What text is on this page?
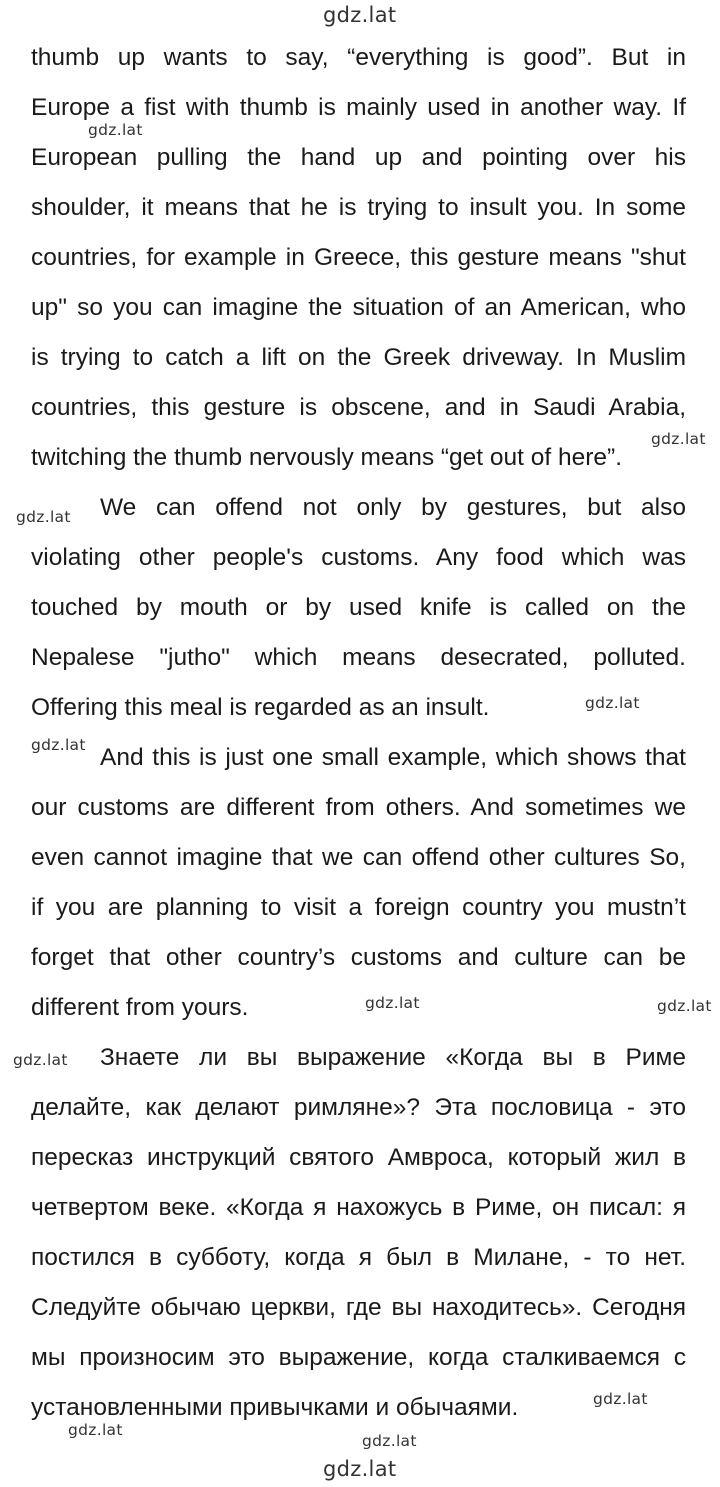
gdz.lat
thumb up wants to say, “everything is good”. But in
Europe a fist with thumb is mainly used in another way. If
European pulling the hand up and pointing over his
shoulder, it means that he is trying to insult you. In some
countries, for example in Greece, this gesture means "shut
up" so you can imagine the situation of an American, who
is trying to catch a lift on the Greek driveway. In Muslim
countries, this gesture is obscene, and in Saudi Arabia,
twitching the thumb nervously means “get out of here”.
We can offend not only by gestures, but also
violating other people's customs. Any food which was
touched by mouth or by used knife is called on the
Nepalese "jutho" which means desecrated, polluted.
Offering this meal is regarded as an insult.
And this is just one small example, which shows that
our customs are different from others. And sometimes we
even cannot imagine that we can offend other cultures So,
if you are planning to visit a foreign country you mustn’t
forget that other country’s customs and culture can be
different from yours.
Знаете ли вы выражение «Когда вы в Риме
делайте, как делают римляне»? Эта пословица - это
пересказ инструкций святого Амвроса, который жил в
четвертом веке. «Когда я нахожусь в Риме, он писал: я
постился в субботу, когда я был в Милане, - то нет.
Следуйте обычаю церкви, где вы находитесь». Сегодня
мы произносим это выражение, когда сталкиваемся с
установленными привычками и обычаями.
gdz.lat
gdz.lat
gdz.lat
gdz.lat
gdz.lat
gdz.lat	gdz.lat
gdz.lat
gdz.lat
gdz.lat
gdz.lat
gdz.lat
